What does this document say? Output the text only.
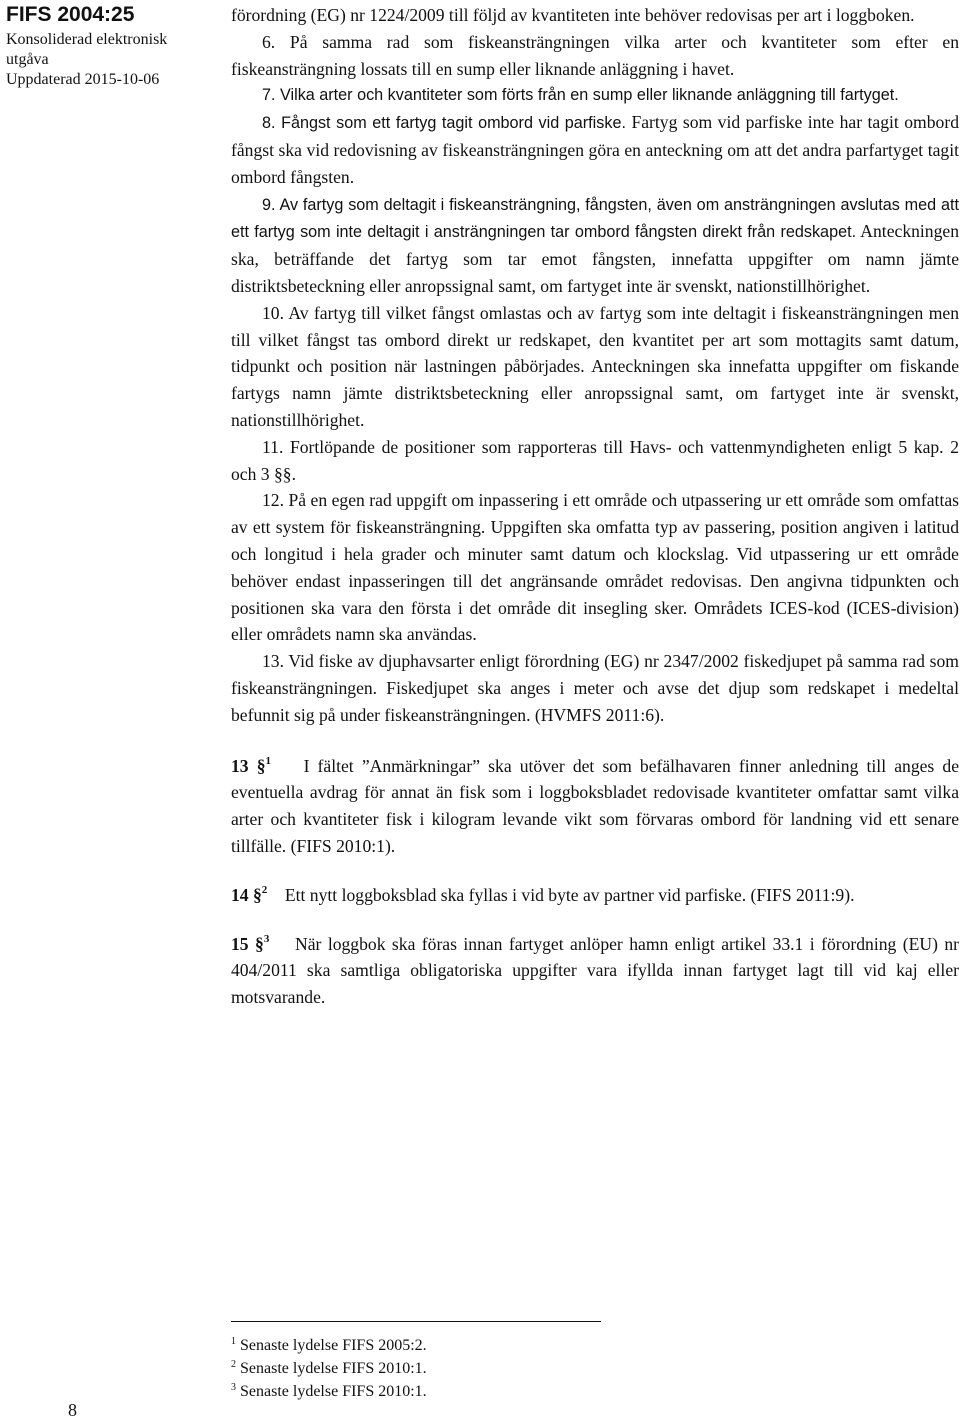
FIFS 2004:25
Konsoliderad elektronisk
utgåva
Uppdaterad 2015-10-06
8

förordning (EG) nr 1224/2009 till följd av kvantiteten inte behöver redovisas per art i loggboken.

6. På samma rad som fiskeansträngningen vilka arter och kvantiteter som efter en fiskeansträngning lossats till en sump eller liknande anläggning i havet.

7. Vilka arter och kvantiteter som förts från en sump eller liknande anläggning till fartyget.

8. Fångst som ett fartyg tagit ombord vid parfiske. Fartyg som vid parfiske inte har tagit ombord fångst ska vid redovisning av fiskeansträngningen göra en anteckning om att det andra parfartyget tagit ombord fångsten.

9. Av fartyg som deltagit i fiskeansträngning, fångsten, även om ansträngningen avslutas med att ett fartyg som inte deltagit i ansträngningen tar ombord fångsten direkt från redskapet. Anteckningen ska, beträffande det fartyg som tar emot fångsten, innefatta uppgifter om namn jämte distriktsbeteckning eller anropssignal samt, om fartyget inte är svenskt, nationstillhörighet.

10. Av fartyg till vilket fångst omlastas och av fartyg som inte deltagit i fiskeansträngningen men till vilket fångst tas ombord direkt ur redskapet, den kvantitet per art som mottagits samt datum, tidpunkt och position när lastningen påbörjades. Anteckningen ska innefatta uppgifter om fiskande fartygs namn jämte distriktsbeteckning eller anropssignal samt, om fartyget inte är svenskt, nationstillhörighet.

11. Fortlöpande de positioner som rapporteras till Havs- och vattenmyndigheten enligt 5 kap. 2 och 3 §§.

12. På en egen rad uppgift om inpassering i ett område och utpassering ur ett område som omfattas av ett system för fiskeansträngning. Uppgiften ska omfatta typ av passering, position angiven i latitud och longitud i hela grader och minuter samt datum och klockslag. Vid utpassering ur ett område behöver endast inpasseringen till det angränsande området redovisas. Den angivna tidpunkten och positionen ska vara den första i det område dit insegling sker. Områdets ICES-kod (ICES-division) eller områdets namn ska användas.

13. Vid fiske av djuphavsarter enligt förordning (EG) nr 2347/2002 fiskedjupet på samma rad som fiskeansträngningen. Fiskedjupet ska anges i meter och avse det djup som redskapet i medeltal befunnit sig på under fiskeansträngningen. (HVMFS 2011:6).

13 §$^1$ I fältet ”Anmärkningar” ska utöver det som befälhavaren finner anledning till anges de eventuella avdrag för annat än fisk som i loggboksbladet redovisade kvantiteter omfattar samt vilka arter och kvantiteter fisk i kilogram levande vikt som förvaras ombord för landning vid ett senare tillfälle. (FIFS 2010:1).

14 §$^2$ Ett nytt loggboksblad ska fyllas i vid byte av partner vid parfiske. (FIFS 2011:9).

15 §$^3$ När loggbok ska föras innan fartyget anlöper hamn enligt artikel 33.1 i förordning (EU) nr 404/2011 ska samtliga obligatoriska uppgifter vara ifyllda innan fartyget lagt till vid kaj eller motsvarande.

$^1$ Senaste lydelse FIFS 2005:2.
$^2$ Senaste lydelse FIFS 2010:1.
$^3$ Senaste lydelse FIFS 2010:1.
